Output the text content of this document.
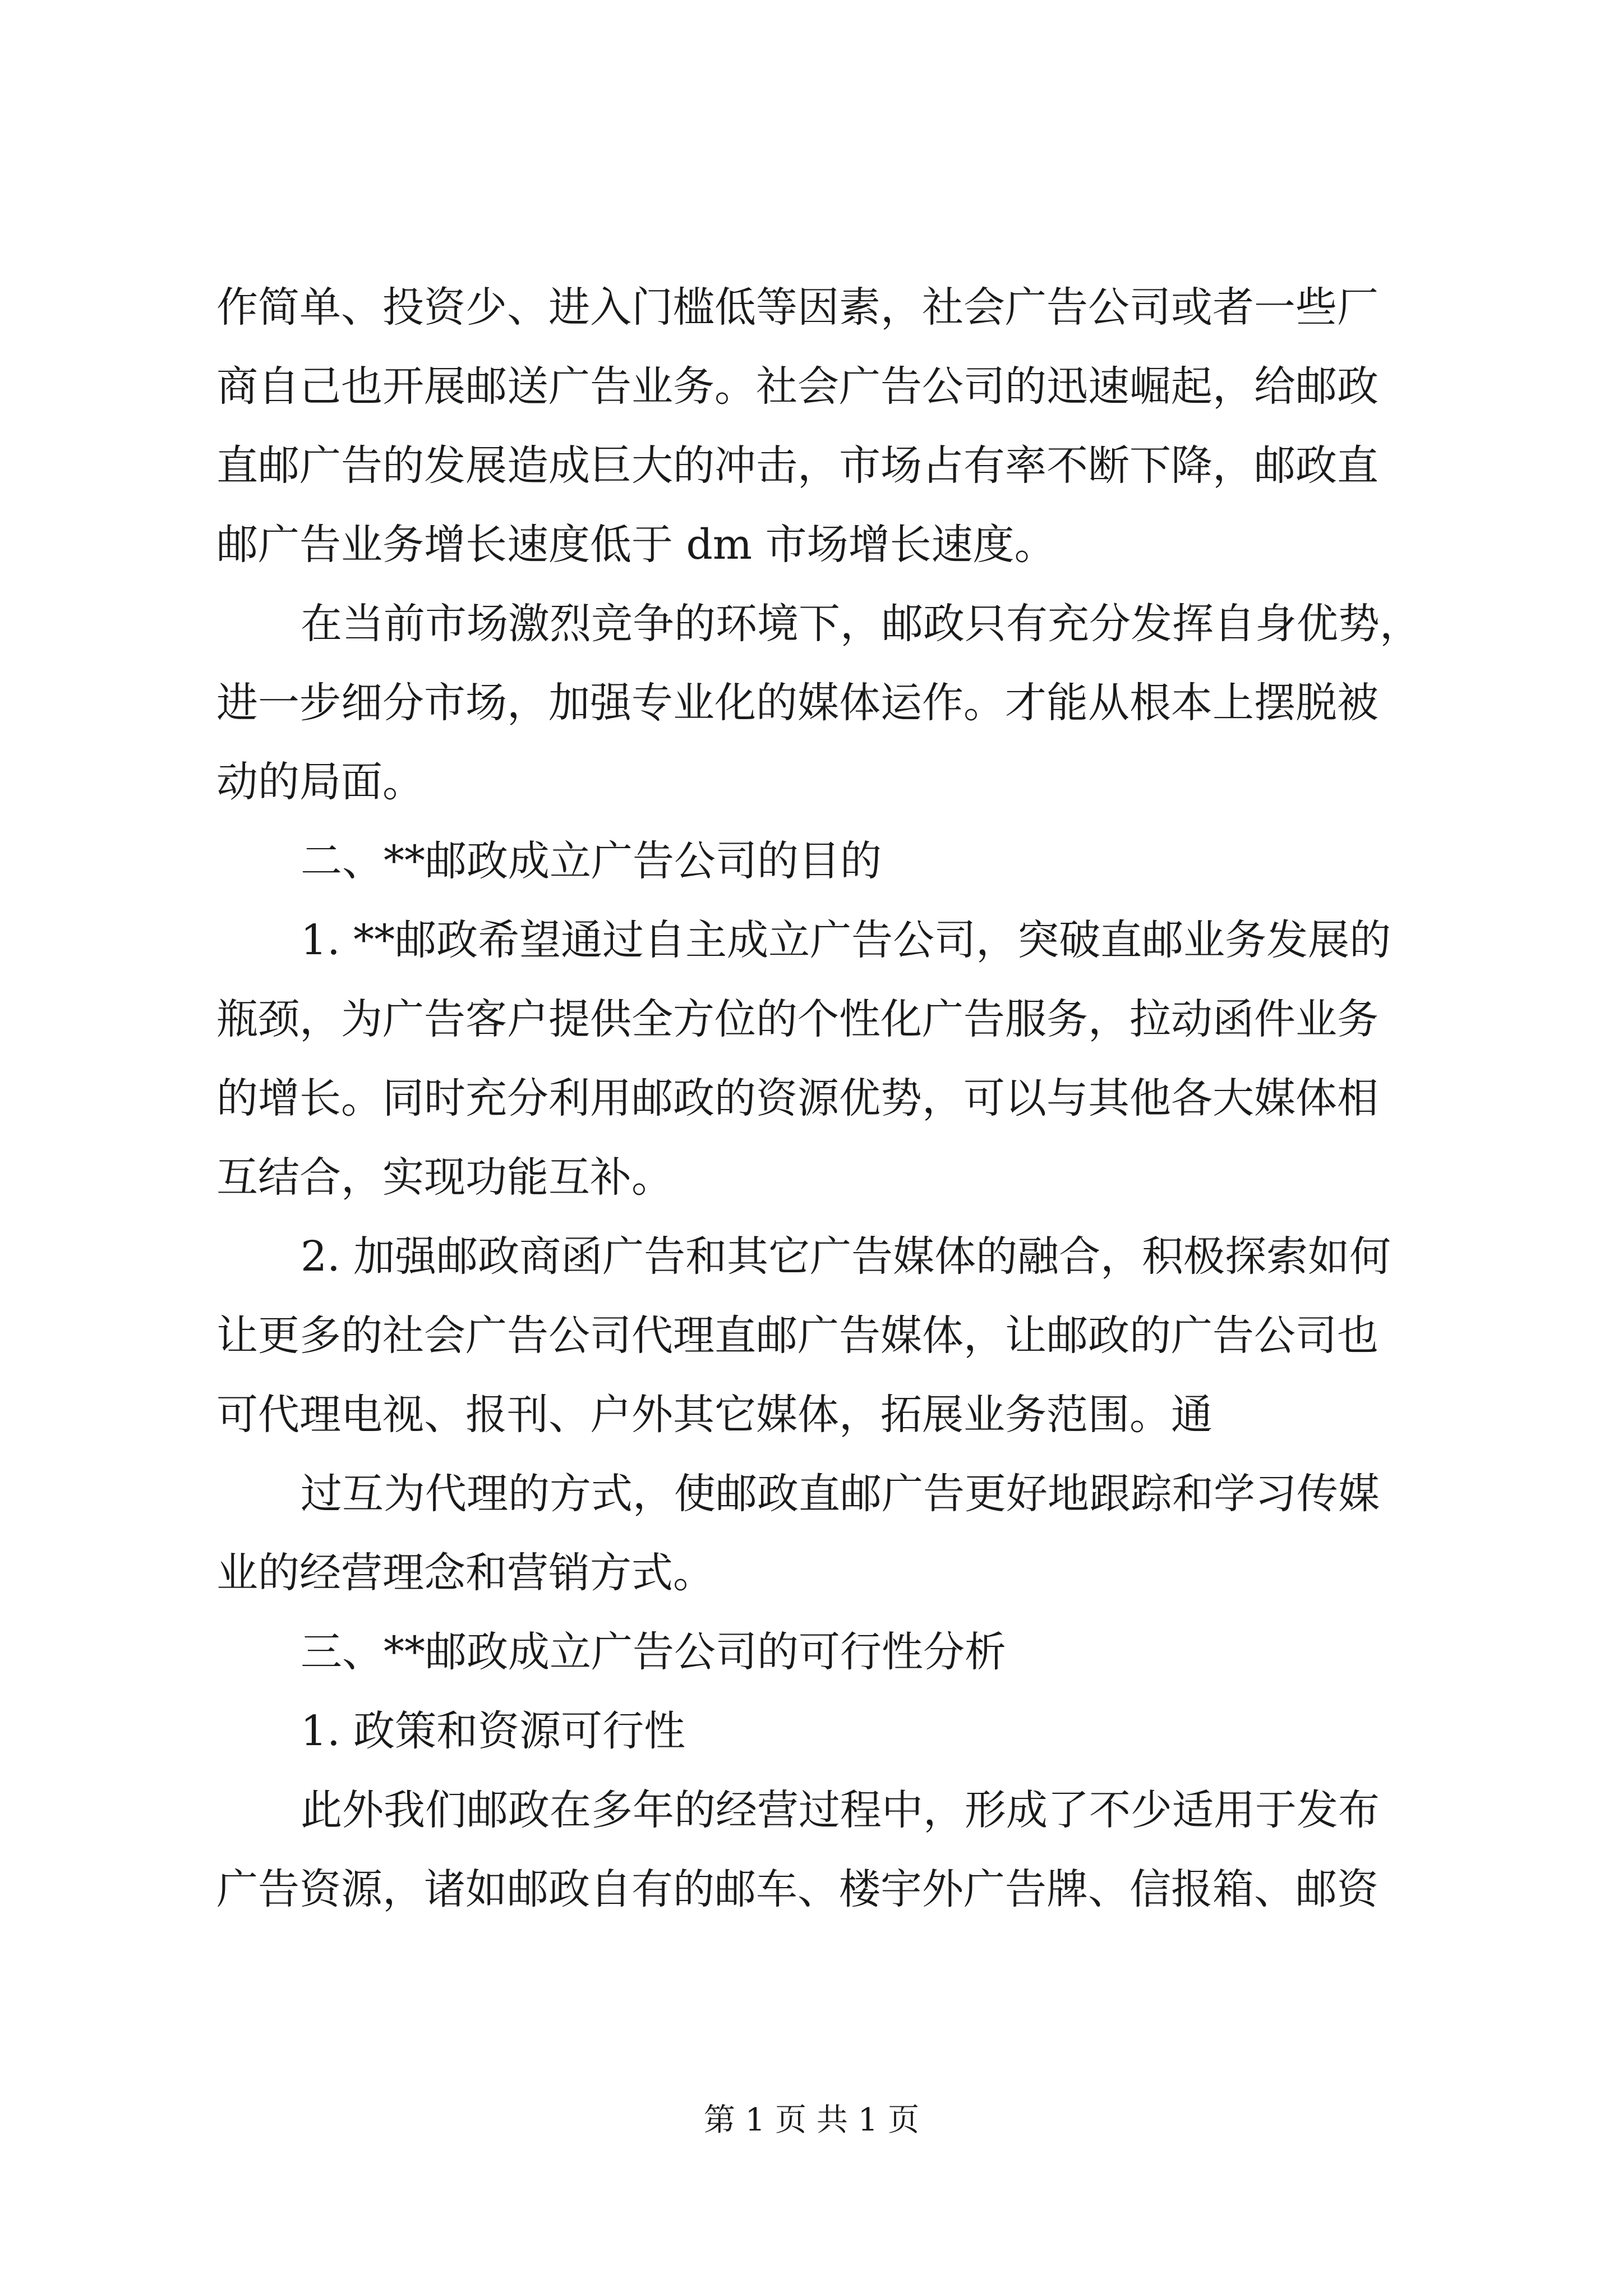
作简单、投资少、进入门槛低等因素，社会广告公司或者一些厂
商自己也开展邮送广告业务。社会广告公司的迅速崛起，给邮政
直邮广告的发展造成巨大的冲击，市场占有率不断下降，邮政直
邮广告业务增长速度低于 dm 市场增长速度。
在当前市场激烈竞争的环境下，邮政只有充分发挥自身优势，
进一步细分市场，加强专业化的媒体运作。才能从根本上摆脱被
动的局面。
二、**邮政成立广告公司的目的
1. **邮政希望通过自主成立广告公司，突破直邮业务发展的
瓶颈，为广告客户提供全方位的个性化广告服务，拉动函件业务
的增长。同时充分利用邮政的资源优势，可以与其他各大媒体相
互结合，实现功能互补。
2. 加强邮政商函广告和其它广告媒体的融合，积极探索如何
让更多的社会广告公司代理直邮广告媒体，让邮政的广告公司也
可代理电视、报刊、户外其它媒体，拓展业务范围。通
过互为代理的方式，使邮政直邮广告更好地跟踪和学习传媒
业的经营理念和营销方式。
三、**邮政成立广告公司的可行性分析
1. 政策和资源可行性
此外我们邮政在多年的经营过程中，形成了不少适用于发布
广告资源，诸如邮政自有的邮车、楼宇外广告牌、信报箱、邮资
第 1 页 共 1 页
